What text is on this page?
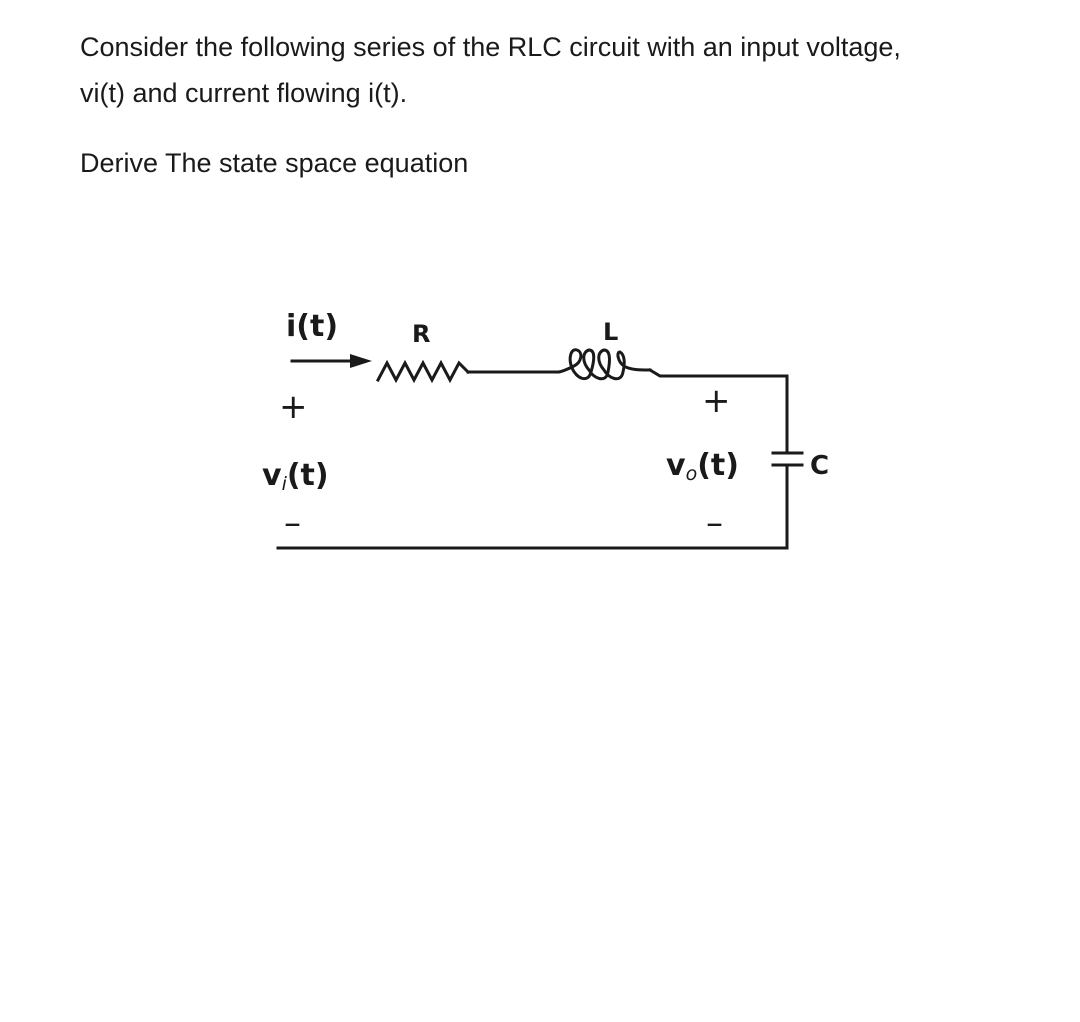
Consider the following series of the RLC circuit with an input voltage,

vi(t) and current flowing i(t).

Derive The state space equation

i(t)	R	L
C
+
–
vi(t)
+
–
vo(t)
